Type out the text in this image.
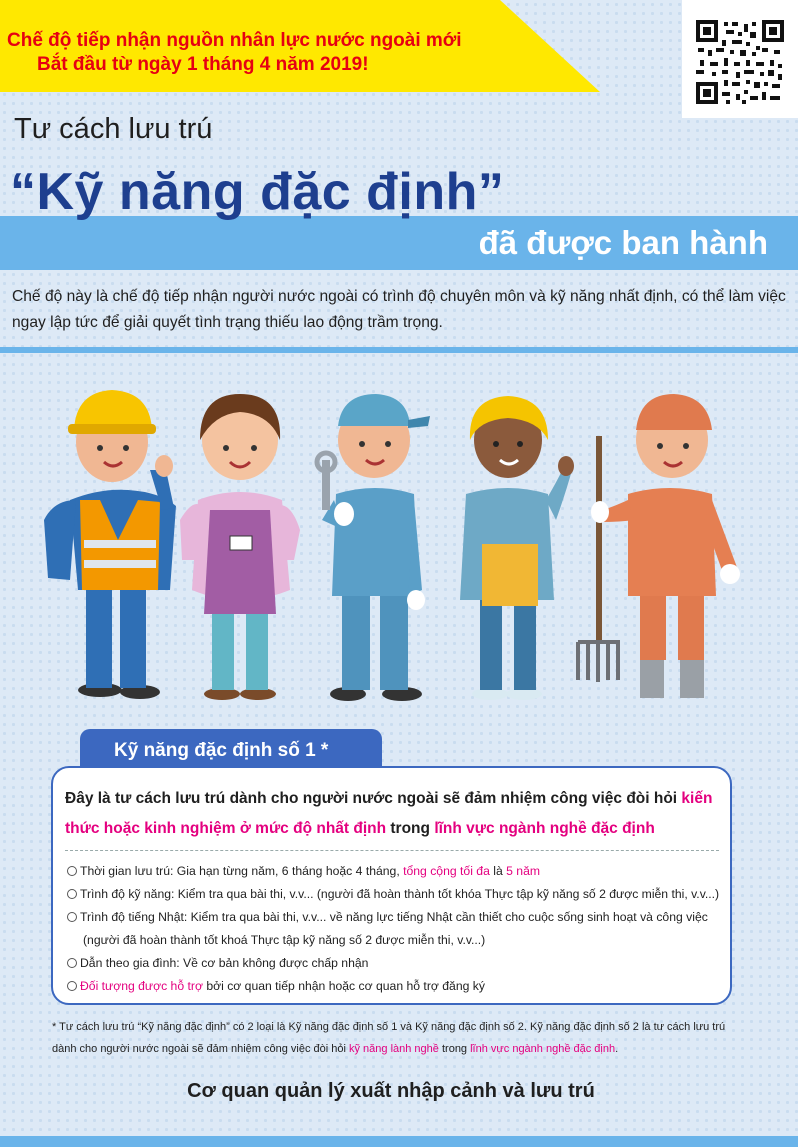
Chế độ tiếp nhận nguồn nhân lực nước ngoài mới
Bắt đầu từ ngày 1 tháng 4 năm 2019!
Tư cách lưu trú
“Kỹ năng đặc định”
đã được ban hành
Chế độ này là chế độ tiếp nhận người nước ngoài có trình độ chuyên môn và kỹ năng nhất định, có thể làm việc ngay lập tức để giải quyết tình trạng thiếu lao động trầm trọng.
Kỹ năng đặc định số 1 *
Đây là tư cách lưu trú dành cho người nước ngoài sẽ đảm nhiệm công việc đòi hỏi kiến thức hoặc kinh nghiệm ở mức độ nhất định trong lĩnh vực ngành nghề đặc định
Thời gian lưu trú: Gia hạn từng năm, 6 tháng hoặc 4 tháng, tổng cộng tối đa là 5 năm
Trình độ kỹ năng: Kiểm tra qua bài thi, v.v... (người đã hoàn thành tốt khóa Thực tập kỹ năng số 2 được miễn thi, v.v...)
Trình độ tiếng Nhật: Kiểm tra qua bài thi, v.v... về năng lực tiếng Nhật cần thiết cho cuộc sống sinh hoạt và công việc
(người đã hoàn thành tốt khoá Thực tập kỹ năng số 2 được miễn thi, v.v...)
Dẫn theo gia đình: Về cơ bản không được chấp nhận
Đối tượng được hỗ trợ bởi cơ quan tiếp nhận hoặc cơ quan hỗ trợ đăng ký
* Tư cách lưu trú “Kỹ năng đặc định” có 2 loại là Kỹ năng đặc định số 1 và Kỹ năng đặc định số 2. Kỹ năng đặc định số 2 là tư cách lưu trú dành cho người nước ngoài sẽ đảm nhiệm công việc đòi hỏi kỹ năng lành nghề trong lĩnh vực ngành nghề đặc định.
Cơ quan quản lý xuất nhập cảnh và lưu trú
